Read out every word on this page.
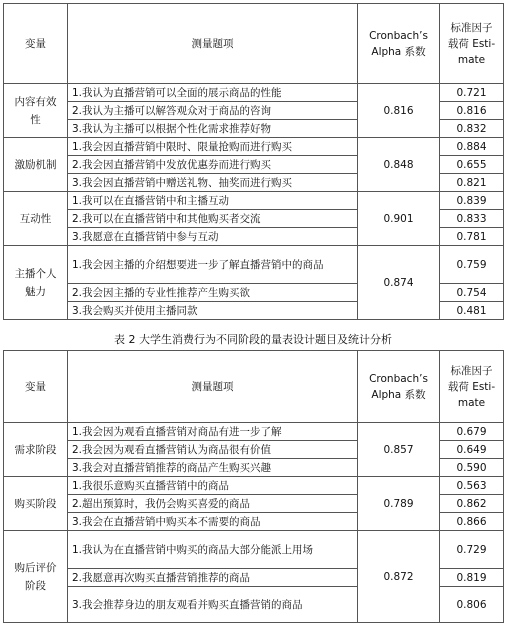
变量	测量题项	Cronbach’s Alpha 系数	标准因子载荷 Esti-mate

内容有效性	1.我认为直播营销可以全面的展示商品的性能	0.816	0.721
	2.我认为主播可以解答观众对于商品的咨询		0.816
	3.我认为主播可以根据个性化需求推荐好物		0.832

激励机制	1.我会因直播营销中限时、限量抢购而进行购买	0.848	0.884
	2.我会因直播营销中发放优惠券而进行购买		0.655
	3.我会因直播营销中赠送礼物、抽奖而进行购买		0.821
互动性	1.我可以在直播营销中和主播互动	0.901	0.839
	2.我可以在直播营销中和其他购买者交流		0.833
	3.我愿意在直播营销中参与互动		0.781

主播个人魅力	1.我会因主播的介绍想要进一步了解直播营销中的商品	0.874	0.759
	2.我会因主播的专业性推荐产生购买欲		0.754
	3.我会购买并使用主播同款		0.481
表 2 大学生消费行为不同阶段的量表设计题目及统计分析
变量	测量题项	Cronbach’s Alpha 系数	标准因子载荷 Esti-mate

需求阶段	1.我会因为观看直播营销对商品有进一步了解	0.857	0.679
	2.我会因为观看直播营销认为商品很有价值		0.649
	3.我会对直播营销推荐的商品产生购买兴趣		0.590
购买阶段	1.我很乐意购买直播营销中的商品	0.789	0.563
	2.超出预算时，我仍会购买喜爱的商品		0.862
	3.我会在直播营销中购买本不需要的商品		0.866

购后评价阶段	1.我认为在直播营销中购买的商品大部分能派上用场	0.872	0.729
	2.我愿意再次购买直播营销推荐的商品		0.819
	3.我会推荐身边的朋友观看并购买直播营销的商品		0.806
